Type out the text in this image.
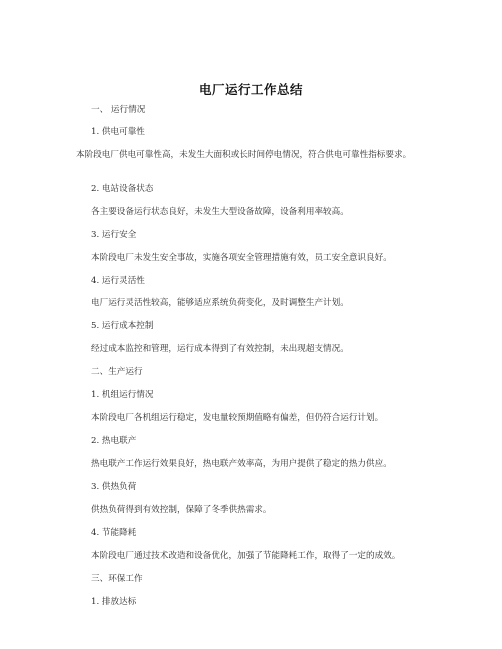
电厂运行工作总结
一、 运行情况
1. 供电可靠性
本阶段电厂供电可靠性高，未发生大面积或长时间停电情况，符合供电可靠性指标要求。
2. 电站设备状态
各主要设备运行状态良好，未发生大型设备故障，设备利用率较高。
3. 运行安全
本阶段电厂未发生安全事故，实施各项安全管理措施有效，员工安全意识良好。
4. 运行灵活性
电厂运行灵活性较高，能够适应系统负荷变化，及时调整生产计划。
5. 运行成本控制
经过成本监控和管理，运行成本得到了有效控制，未出现超支情况。
二、生产运行
1. 机组运行情况
本阶段电厂各机组运行稳定，发电量较预期值略有偏差，但仍符合运行计划。
2. 热电联产
热电联产工作运行效果良好，热电联产效率高，为用户提供了稳定的热力供应。
3. 供热负荷
供热负荷得到有效控制，保障了冬季供热需求。
4. 节能降耗
本阶段电厂通过技术改造和设备优化，加强了节能降耗工作，取得了一定的成效。
三、环保工作
1. 排放达标
